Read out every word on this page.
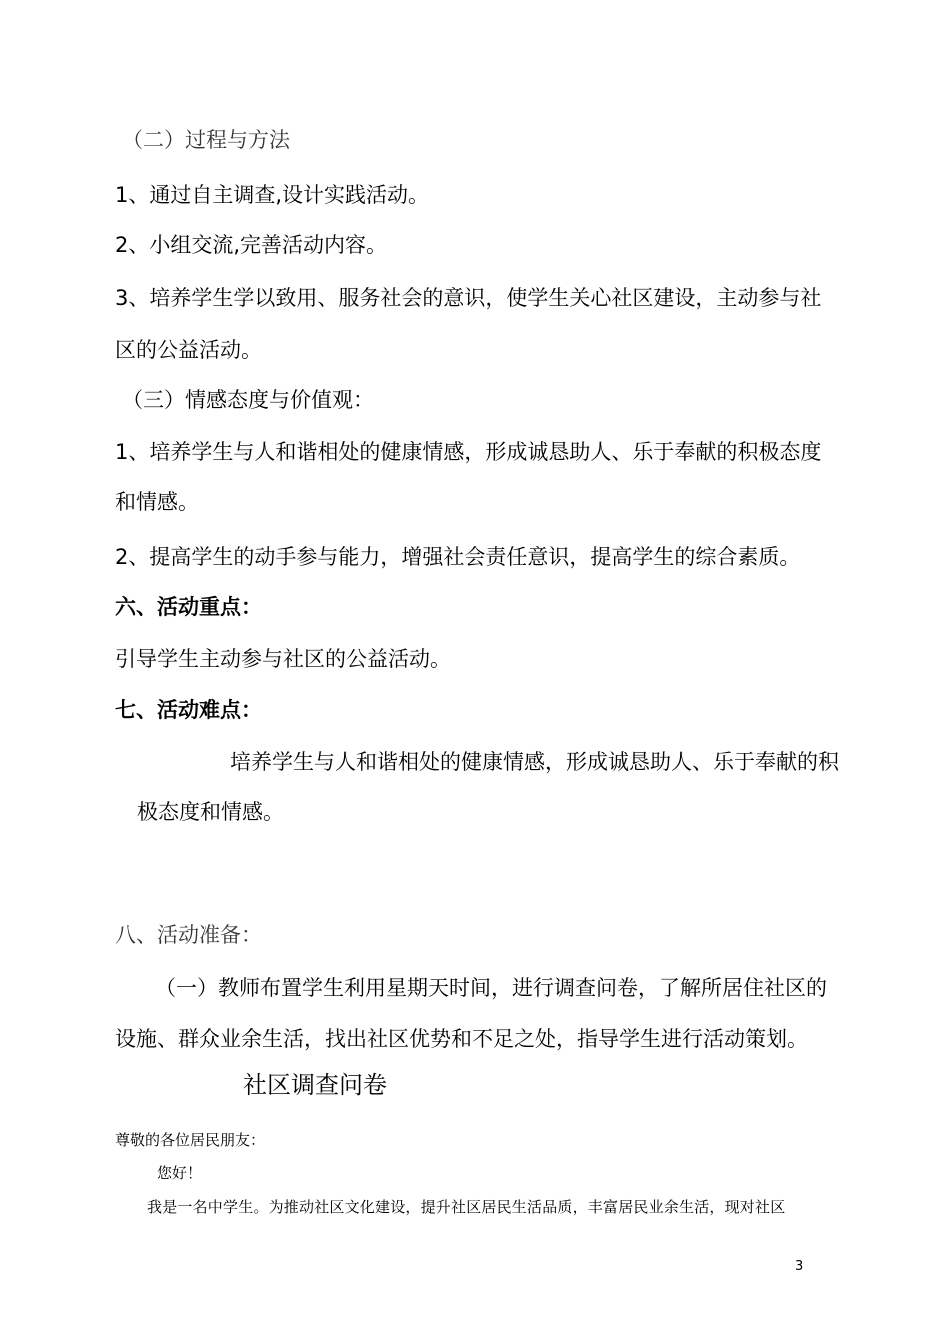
（二）过程与方法
1、通过自主调查,设计实践活动。
2、小组交流,完善活动内容。
3、培养学生学以致用、服务社会的意识，使学生关心社区建设，主动参与社
区的公益活动。
（三）情感态度与价值观：
1、培养学生与人和谐相处的健康情感，形成诚恳助人、乐于奉献的积极态度
和情感。
2、提高学生的动手参与能力，增强社会责任意识，提高学生的综合素质。
六、活动重点：
引导学生主动参与社区的公益活动。
七、活动难点：
培养学生与人和谐相处的健康情感，形成诚恳助人、乐于奉献的积
极态度和情感。
八、活动准备：
（一）教师布置学生利用星期天时间，进行调查问卷，了解所居住社区的
设施、群众业余生活，找出社区优势和不足之处，指导学生进行活动策划。
社区调查问卷
尊敬的各位居民朋友：
您好！
我是一名中学生。为推动社区文化建设，提升社区居民生活品质，丰富居民业余生活，现对社区
3
